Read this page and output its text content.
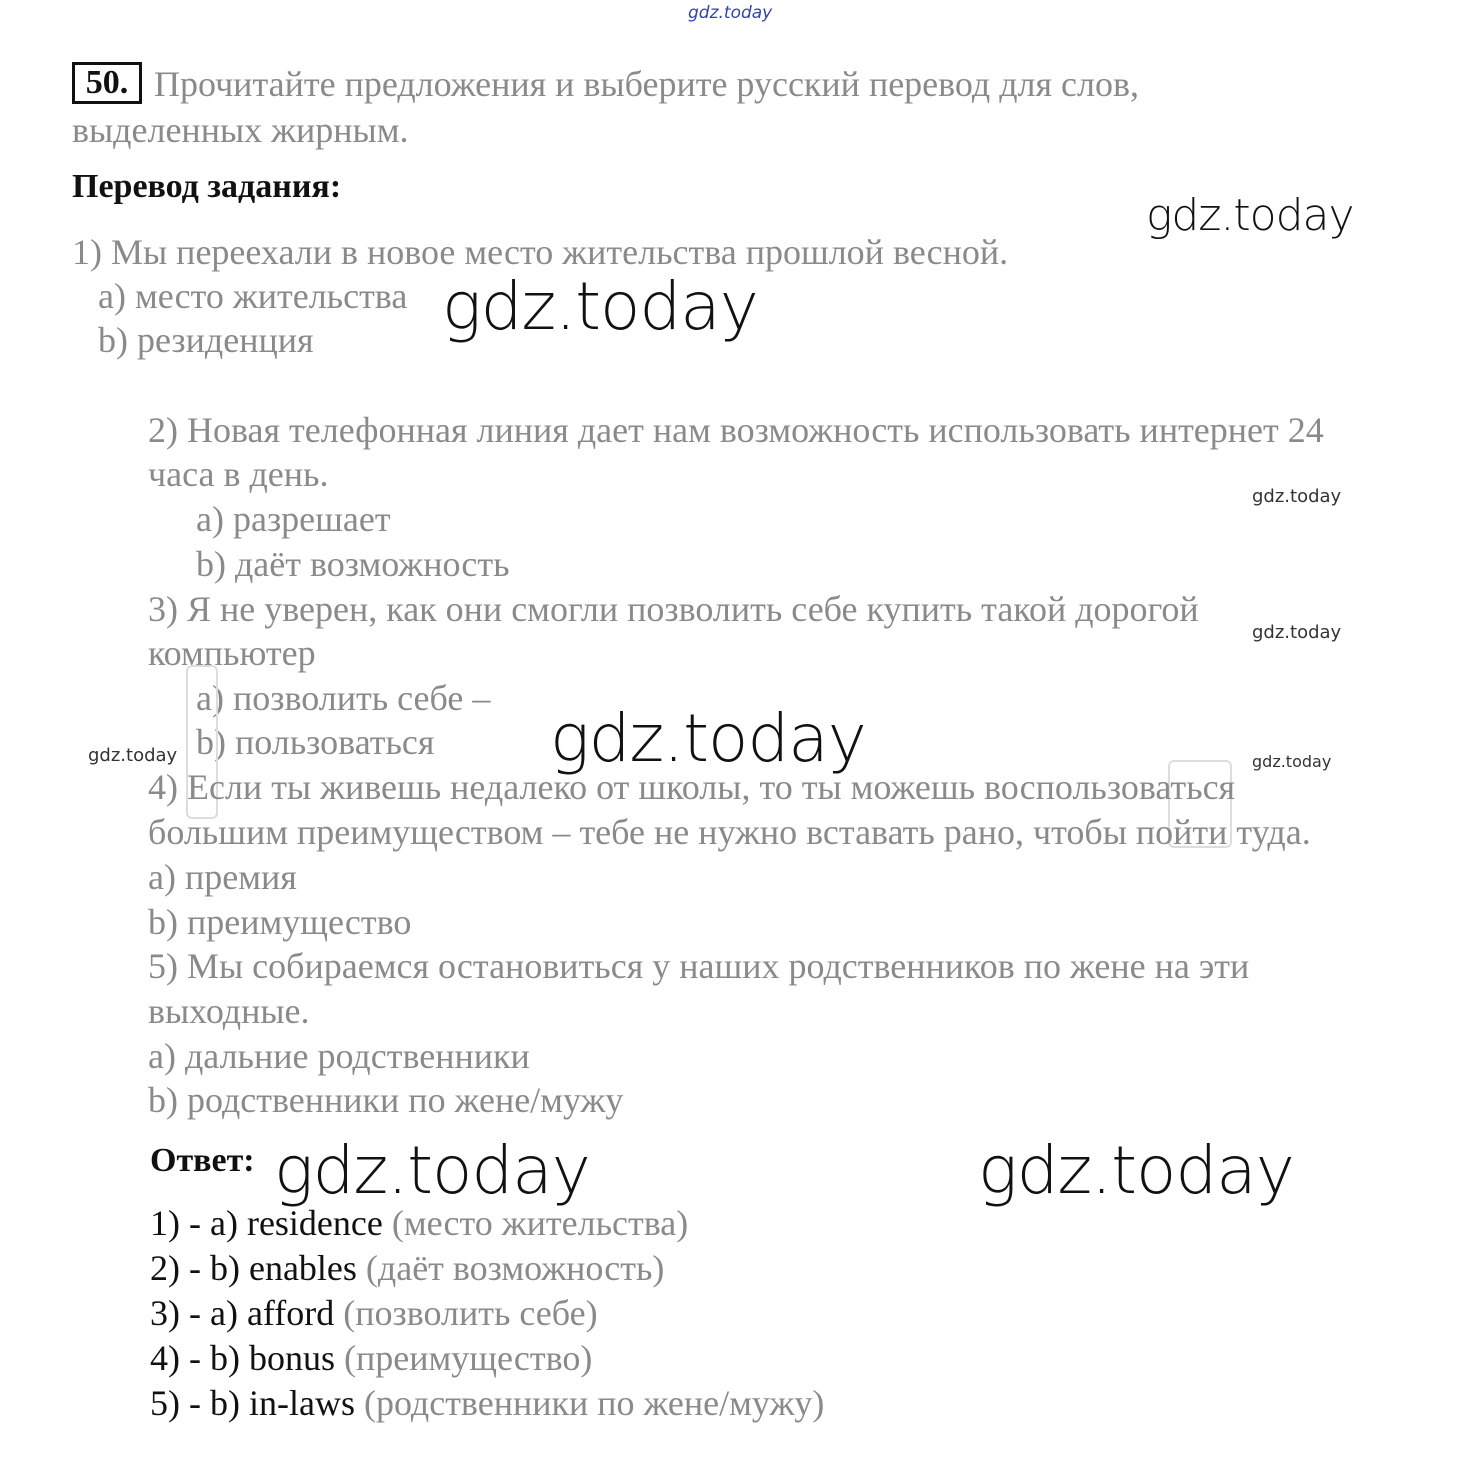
gdz.today
50. Прочитайте предложения и выберите русский перевод для слов,
выделенных жирным.
Перевод задания:
1) Мы переехали в новое место жительства прошлой весной.
a) место жительства
b) резиденция
2) Новая телефонная линия дает нам возможность использовать интернет 24
часа в день.
a) разрешает
b) даёт возможность
3) Я не уверен, как они смогли позволить себе купить такой дорогой
компьютер
a) позволить себе –
b) пользоваться
4) Если ты живешь недалеко от школы, то ты можешь воспользоваться
большим преимуществом – тебе не нужно вставать рано, чтобы пойти туда.
a) премия
b) преимущество
5) Мы собираемся остановиться у наших родственников по жене на эти
выходные.
a) дальние родственники
b) родственники по жене/мужу
Ответ:
1) - a) residence (место жительства)
2) - b) enables (даёт возможность)
3) - a) afford (позволить себе)
4) - b) bonus (преимущество)
5) - b) in-laws (родственники по жене/мужу)
gdz.today
gdz.today
gdz.today
gdz.today
gdz.today
gdz.today	gdz.today
gdz.today	gdz.today
